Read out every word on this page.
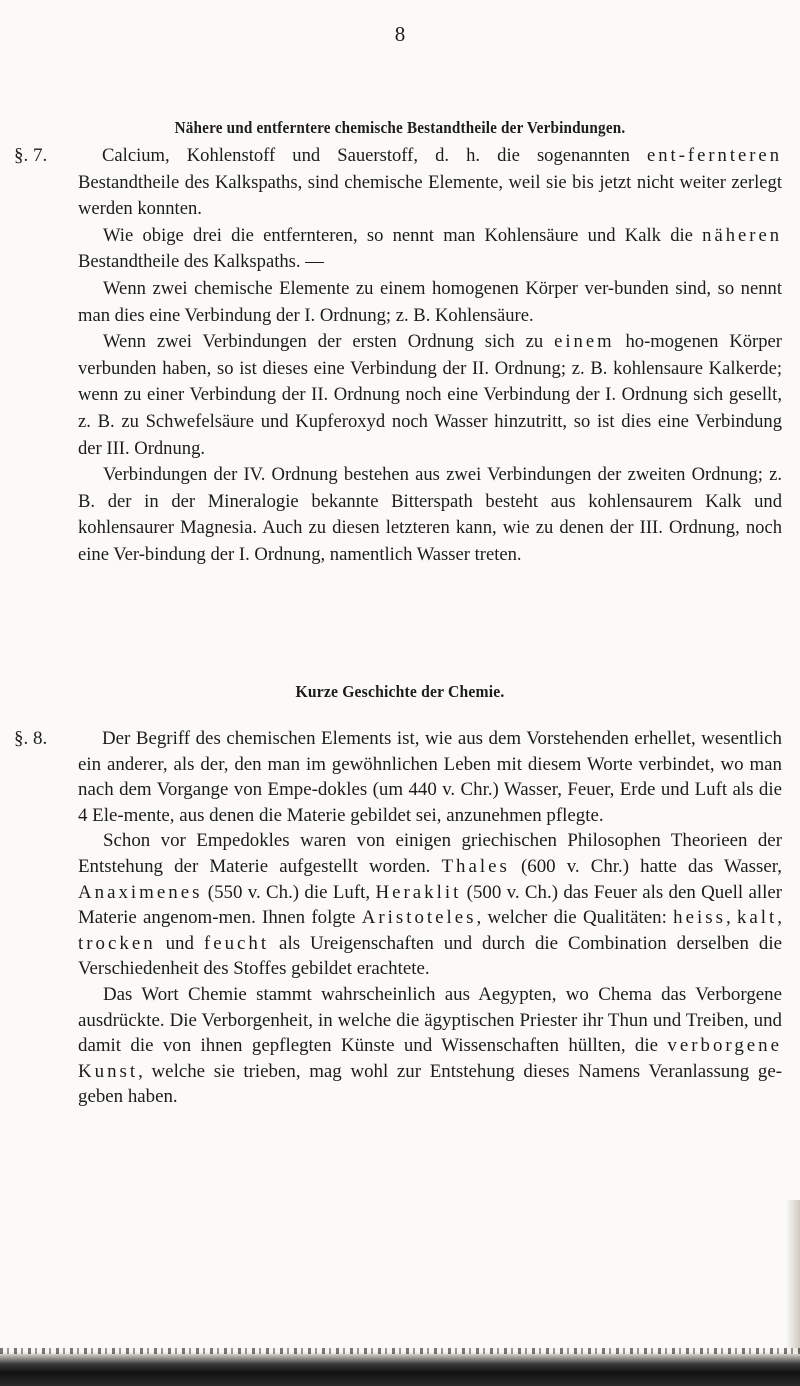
8
Nähere und entferntere chemische Bestandtheile der Verbindungen.
§. 7.	Calcium, Kohlenstoff und Sauerstoff, d. h. die sogenannten ent-fernteren Bestandtheile des Kalkspaths, sind chemische Elemente, weil sie bis jetzt nicht weiter zerlegt werden konnten.

Wie obige drei die entfernteren, so nennt man Kohlensäure und Kalk die näheren Bestandtheile des Kalkspaths. —

Wenn zwei chemische Elemente zu einem homogenen Körper ver-bunden sind, so nennt man dies eine Verbindung der I. Ordnung; z. B. Kohlensäure.

Wenn zwei Verbindungen der ersten Ordnung sich zu einem ho-mogenen Körper verbunden haben, so ist dieses eine Verbindung der II. Ordnung; z. B. kohlensaure Kalkerde; wenn zu einer Verbindung der II. Ordnung noch eine Verbindung der I. Ordnung sich gesellt, z. B. zu Schwefelsäure und Kupferoxyd noch Wasser hinzutritt, so ist dies eine Verbindung der III. Ordnung.

Verbindungen der IV. Ordnung bestehen aus zwei Verbindungen der zweiten Ordnung; z. B. der in der Mineralogie bekannte Bitterspath besteht aus kohlensaurem Kalk und kohlensaurer Magnesia. Auch zu diesen letzteren kann, wie zu denen der III. Ordnung, noch eine Ver-bindung der I. Ordnung, namentlich Wasser treten.

Kurze Geschichte der Chemie.
§. 8.	Der Begriff des chemischen Elements ist, wie aus dem Vorstehenden erhellet, wesentlich ein anderer, als der, den man im gewöhnlichen Leben mit diesem Worte verbindet, wo man nach dem Vorgange von Empe-dokles (um 440 v. Chr.) Wasser, Feuer, Erde und Luft als die 4 Ele-mente, aus denen die Materie gebildet sei, anzunehmen pflegte.

Schon vor Empedokles waren von einigen griechischen Philosophen Theorieen der Entstehung der Materie aufgestellt worden. Thales (600 v. Chr.) hatte das Wasser, Anaximenes (550 v. Ch.) die Luft, Heraklit (500 v. Ch.) das Feuer als den Quell aller Materie angenom-men. Ihnen folgte Aristoteles, welcher die Qualitäten: heiss, kalt, trocken und feucht als Ureigenschaften und durch die Combination derselben die Verschiedenheit des Stoffes gebildet erachtete.

Das Wort Chemie stammt wahrscheinlich aus Aegypten, wo Chema das Verborgene ausdrückte. Die Verborgenheit, in welche die ägyptischen Priester ihr Thun und Treiben, und damit die von ihnen gepflegten Künste und Wissenschaften hüllten, die verborgene Kunst, welche sie trieben, mag wohl zur Entstehung dieses Namens Veranlassung ge-geben haben.
